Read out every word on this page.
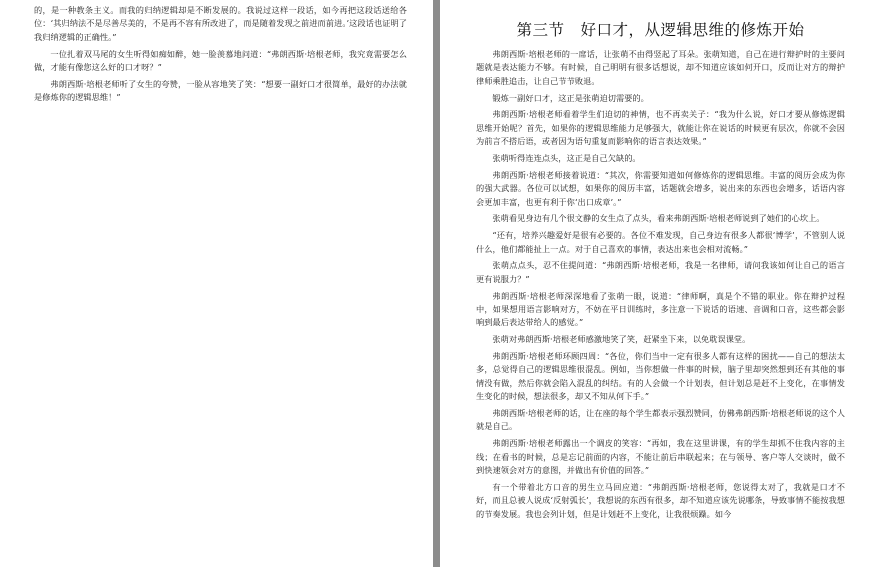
的，是一种教条主义。而我的归纳逻辑却是不断发展的。我说过这样一段话，如今再把这段话送给各位：‘其归纳法不是尽善尽美的，不是再不容有所改进了，而是随着发现之前进而前进。’这段话也证明了我归纳逻辑的正确性。”

一位扎着双马尾的女生听得如痴如醉，她一脸羡慕地问道：“弗朗西斯·培根老师，我究竟需要怎么做，才能有像您这么好的口才呀？”

弗朗西斯·培根老师听了女生的夸赞，一脸从容地笑了笑：“想要一副好口才很简单，最好的办法就是修炼你的逻辑思维！”

第三节　好口才，从逻辑思维的修炼开始

弗朗西斯·培根老师的一席话，让张萌不由得竖起了耳朵。张萌知道，自己在进行辩护时的主要问题就是表达能力不够。有时候，自己明明有很多话想说，却不知道应该如何开口，反而让对方的辩护律师乘胜追击，让自己节节败退。

锻炼一副好口才，这正是张萌迫切需要的。

弗朗西斯·培根老师看着学生们迫切的神情，也不再卖关子：“我为什么说，好口才要从修炼逻辑思维开始呢？首先，如果你的逻辑思维能力足够强大，就能让你在说话的时候更有层次，你就不会因为前言不搭后语，或者因为语句重复而影响你的语言表达效果。”

张萌听得连连点头，这正是自己欠缺的。

弗朗西斯·培根老师接着说道：“其次，你需要知道如何修炼你的逻辑思维。丰富的阅历会成为你的强大武器。各位可以试想，如果你的阅历丰富，话题就会增多，说出来的东西也会增多，话语内容会更加丰富，也更有利于你‘出口成章’。”

张萌看见身边有几个很文静的女生点了点头，看来弗朗西斯·培根老师说到了她们的心坎上。

“还有，培养兴趣爱好是很有必要的。各位不难发现，自己身边有很多人都很‘博学’，不管别人说什么，他们都能扯上一点。对于自己喜欢的事情，表达出来也会相对流畅。”

张萌点点头，忍不住提问道：“弗朗西斯·培根老师，我是一名律师，请问我该如何让自己的语言更有说服力？”

弗朗西斯·培根老师深深地看了张萌一眼，说道：“律师啊，真是个不错的职业。你在辩护过程中，如果想用语言影响对方，不妨在平日训练时，多注意一下说话的语速、音调和口音，这些都会影响到最后表达带给人的感觉。”

张萌对弗朗西斯·培根老师感激地笑了笑，赶紧坐下来，以免耽误课堂。

弗朗西斯·培根老师环顾四周：“各位，你们当中一定有很多人都有这样的困扰——自己的想法太多，总觉得自己的逻辑思维很混乱。例如，当你想做一件事的时候，脑子里却突然想到还有其他的事情没有做，然后你就会陷入混乱的纠结。有的人会做一个计划表，但计划总是赶不上变化，在事情发生变化的时候，想法很多，却又不知从何下手。”

弗朗西斯·培根老师的话，让在座的每个学生都表示强烈赞同，仿佛弗朗西斯·培根老师说的这个人就是自己。

弗朗西斯·培根老师露出一个调皮的笑容：“再如，我在这里讲课，有的学生却抓不住我内容的主线；在看书的时候，总是忘记前面的内容，不能让前后串联起来；在与领导、客户等人交谈时，做不到快速领会对方的意图，并做出有价值的回答。”

有一个带着北方口音的男生立马回应道：“弗朗西斯·培根老师，您说得太对了，我就是口才不好，而且总被人说成‘反射弧长’，我想说的东西有很多，却不知道应该先说哪条，导致事情不能按我想的节奏发展。我也会列计划，但是计划赶不上变化，让我很烦躁。如今
